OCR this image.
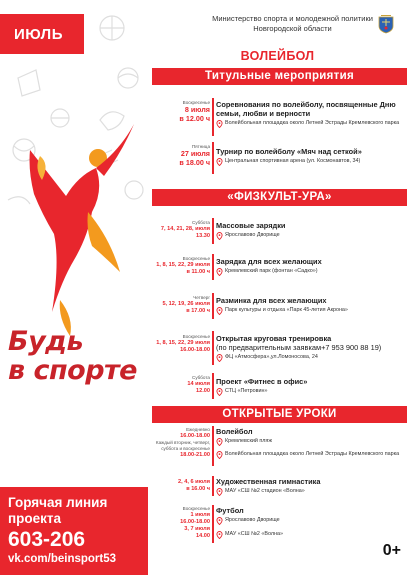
ИЮЛЬ
Будь
в спорте
Горячая линия
проекта
603-206
vk.com/beinsport53
Министерство спорта и молодежной политики
Новгородской области
ВОЛЕЙБОЛ
Титульные мероприятия
Воскресенье
8 июля
в 12.00 ч
Соревнования по волейболу, посвященные Дню семьи, любви и верности
Волейбольная площадка около Летней Эстрады Кремлевского парка
Пятница
27 июля
в 18.00 ч
Турнир по волейболу «Мяч над сеткой»
Центральная спортивная арена (ул. Космонавтов, 34)
«ФИЗКУЛЬТ-УРА»
Суббота
7, 14, 21, 28, июля
13.30
Массовые зарядки
Ярославово Дворище
Воскресенье
1, 8, 15, 22, 29 июля
в 11.00 ч
Зарядка для всех желающих
Кремлевский парк (фонтан «Садко»)
Четверг
5, 12, 19, 26 июля
в 17.00 ч
Разминка для всех желающих
Парк культуры и отдыха «Парк 45-летия Акрона»
Воскресенье
1, 8, 15, 22, 29 июля
16.00-18.00
Открытая круговая тренировка
(по предварительным заявкам+7 953 900 88 19)
ФЦ «Атмосфера»,ул.Ломоносова, 24
Суббота
14 июля
12.00
Проект «Фитнес в офис»
СТЦ «Петровин»
ОТКРЫТЫЕ УРОКИ
Ежедневно
16.00-18.00
Каждый вторник, четверг, суббота и воскресенье
18.00-21.00
Волейбол
Кремлевский пляж
Волейбольная площадка около Летней Эстрады Кремлевского парка
2, 4, 6 июля
в 16.00 ч
Художественная гимнастика
МАУ «СШ №2 стадион «Волна»
Воскресенье
1 июля
16.00-18.00
3, 7 июля
14.00
Футбол
Ярославово Дворище
МАУ «СШ №2 «Волна»
0+
